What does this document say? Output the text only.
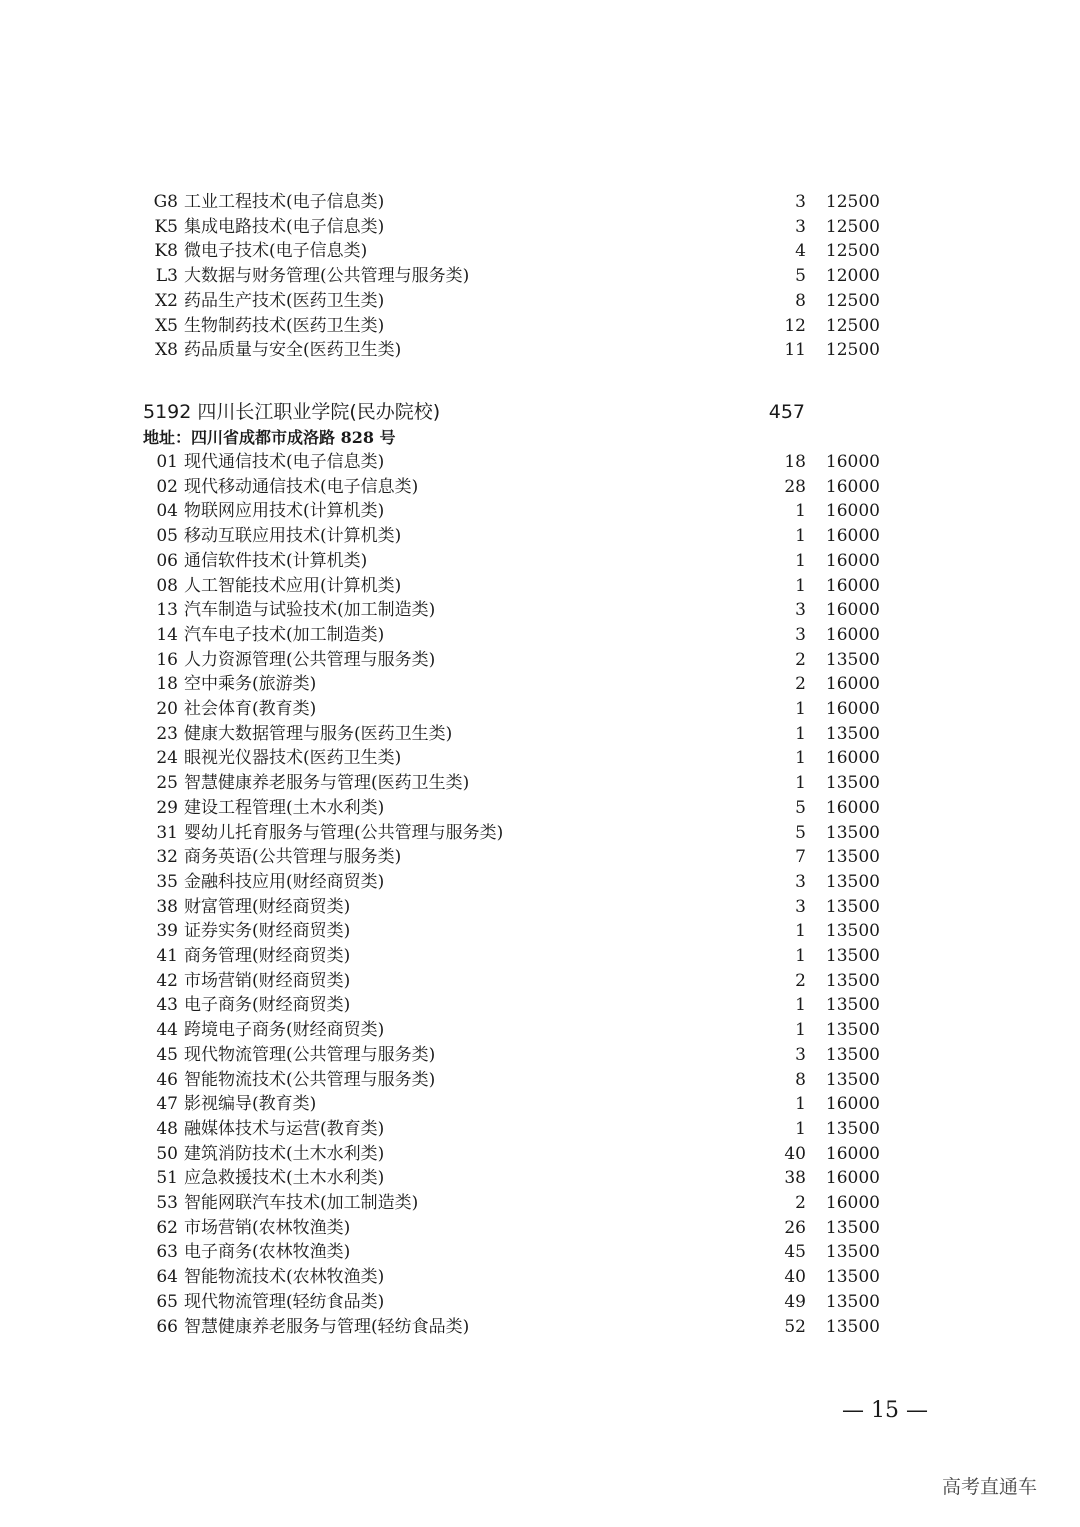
G8 工业工程技术(电子信息类)	3	12500
K5 集成电路技术(电子信息类)	3	12500
K8 微电子技术(电子信息类)	4	12500
L3 大数据与财务管理(公共管理与服务类)	5	12000
X2 药品生产技术(医药卫生类)	8	12500
X5 生物制药技术(医药卫生类)	12	12500
X8 药品质量与安全(医药卫生类)	11	12500
5192 四川长江职业学院(民办院校)	457
地址：四川省成都市成洛路 828 号
01 现代通信技术(电子信息类)	18	16000
02 现代移动通信技术(电子信息类)	28	16000
04 物联网应用技术(计算机类)	1	16000
05 移动互联应用技术(计算机类)	1	16000
06 通信软件技术(计算机类)	1	16000
08 人工智能技术应用(计算机类)	1	16000
13 汽车制造与试验技术(加工制造类)	3	16000
14 汽车电子技术(加工制造类)	3	16000
16 人力资源管理(公共管理与服务类)	2	13500
18 空中乘务(旅游类)	2	16000
20 社会体育(教育类)	1	16000
23 健康大数据管理与服务(医药卫生类)	1	13500
24 眼视光仪器技术(医药卫生类)	1	16000
25 智慧健康养老服务与管理(医药卫生类)	1	13500
29 建设工程管理(土木水利类)	5	16000
31 婴幼儿托育服务与管理(公共管理与服务类)	5	13500
32 商务英语(公共管理与服务类)	7	13500
35 金融科技应用(财经商贸类)	3	13500
38 财富管理(财经商贸类)	3	13500
39 证券实务(财经商贸类)	1	13500
41 商务管理(财经商贸类)	1	13500
42 市场营销(财经商贸类)	2	13500
43 电子商务(财经商贸类)	1	13500
44 跨境电子商务(财经商贸类)	1	13500
45 现代物流管理(公共管理与服务类)	3	13500
46 智能物流技术(公共管理与服务类)	8	13500
47 影视编导(教育类)	1	16000
48 融媒体技术与运营(教育类)	1	13500
50 建筑消防技术(土木水利类)	40	16000
51 应急救援技术(土木水利类)	38	16000
53 智能网联汽车技术(加工制造类)	2	16000
62 市场营销(农林牧渔类)	26	13500
63 电子商务(农林牧渔类)	45	13500
64 智能物流技术(农林牧渔类)	40	13500
65 现代物流管理(轻纺食品类)	49	13500
66 智慧健康养老服务与管理(轻纺食品类)	52	13500
— 15 —
高考直通车
